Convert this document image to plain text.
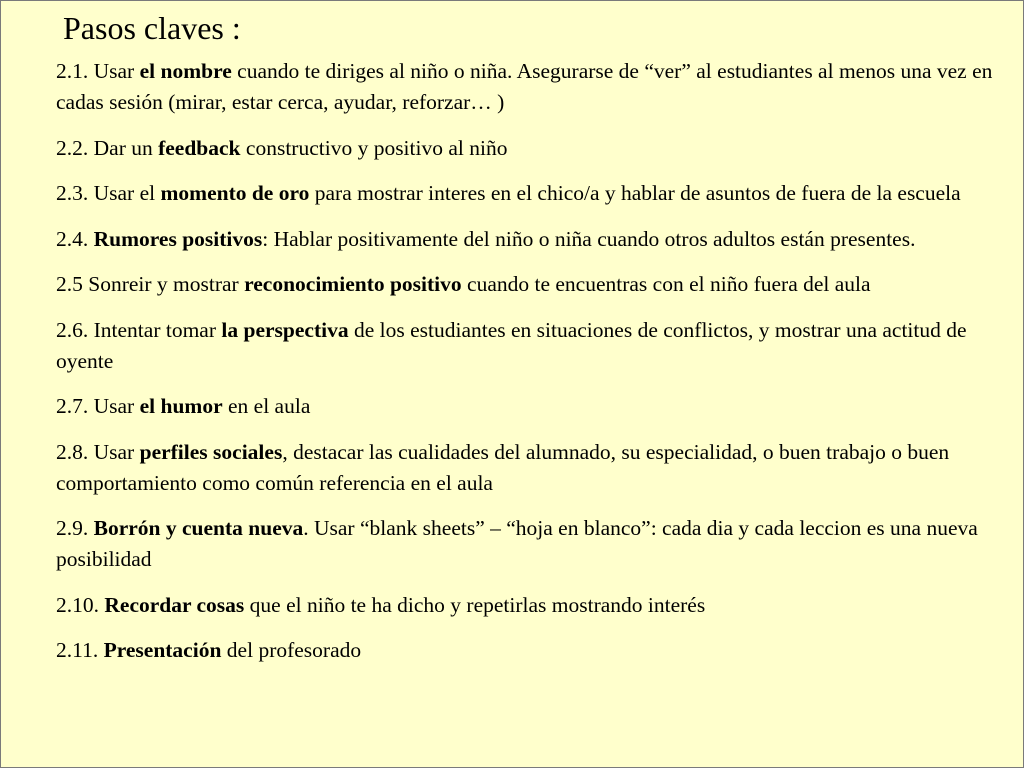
Pasos claves :
2.1. Usar el nombre cuando te diriges al niño o niña. Asegurarse de “ver” al estudiantes al menos una vez en cadas sesión (mirar, estar cerca, ayudar, reforzar… )
2.2. Dar un feedback constructivo y positivo al niño
2.3. Usar el momento de oro para mostrar interes en el chico/a y hablar de asuntos de fuera de la escuela
2.4. Rumores positivos: Hablar positivamente del niño o niña cuando otros adultos están presentes.
2.5 Sonreir y mostrar reconocimiento positivo cuando te encuentras con el niño fuera del aula
2.6. Intentar tomar la perspectiva de los estudiantes en situaciones de conflictos, y mostrar una actitud de oyente
2.7. Usar el humor en el aula
2.8. Usar perfiles sociales, destacar las cualidades del alumnado, su especialidad, o buen trabajo o buen comportamiento como común referencia en el aula
2.9. Borrón y cuenta nueva. Usar “blank sheets” – “hoja en blanco”: cada dia y cada leccion es una nueva posibilidad
2.10. Recordar cosas que el niño te ha dicho y repetirlas mostrando interés
2.11. Presentación del profesorado
